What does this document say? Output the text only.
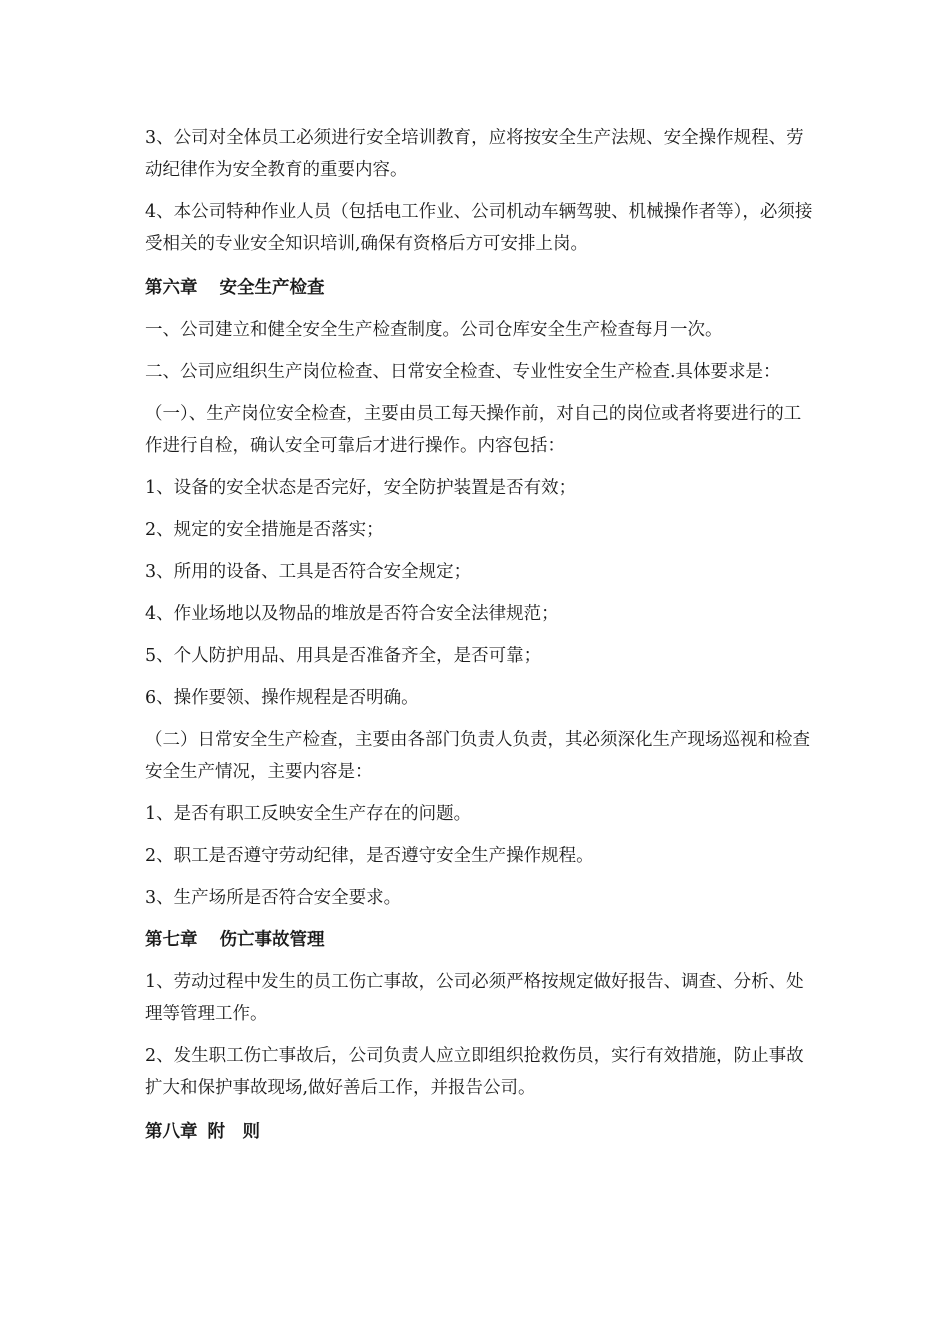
3、公司对全体员工必须进行安全培训教育，应将按安全生产法规、安全操作规程、劳动纪律作为安全教育的重要内容。

4、本公司特种作业人员（包括电工作业、公司机动车辆驾驶、机械操作者等），必须接受相关的专业安全知识培训,确保有资格后方可安排上岗。

第六章 安全生产检查

一、公司建立和健全安全生产检查制度。公司仓库安全生产检查每月一次。

二、公司应组织生产岗位检查、日常安全检查、专业性安全生产检查.具体要求是：

（一）、生产岗位安全检查，主要由员工每天操作前，对自己的岗位或者将要进行的工作进行自检，确认安全可靠后才进行操作。内容包括：

1、设备的安全状态是否完好，安全防护装置是否有效；

2、规定的安全措施是否落实；

3、所用的设备、工具是否符合安全规定；

4、作业场地以及物品的堆放是否符合安全法律规范；

5、个人防护用品、用具是否准备齐全，是否可靠；

6、操作要领、操作规程是否明确。

（二）日常安全生产检查，主要由各部门负责人负责，其必须深化生产现场巡视和检查安全生产情况，主要内容是：

1、是否有职工反映安全生产存在的问题。

2、职工是否遵守劳动纪律，是否遵守安全生产操作规程。

3、生产场所是否符合安全要求。

第七章 伤亡事故管理

1、劳动过程中发生的员工伤亡事故，公司必须严格按规定做好报告、调查、分析、处理等管理工作。

2、发生职工伤亡事故后，公司负责人应立即组织抢救伤员，实行有效措施，防止事故扩大和保护事故现场,做好善后工作，并报告公司。

第八章 附　则
